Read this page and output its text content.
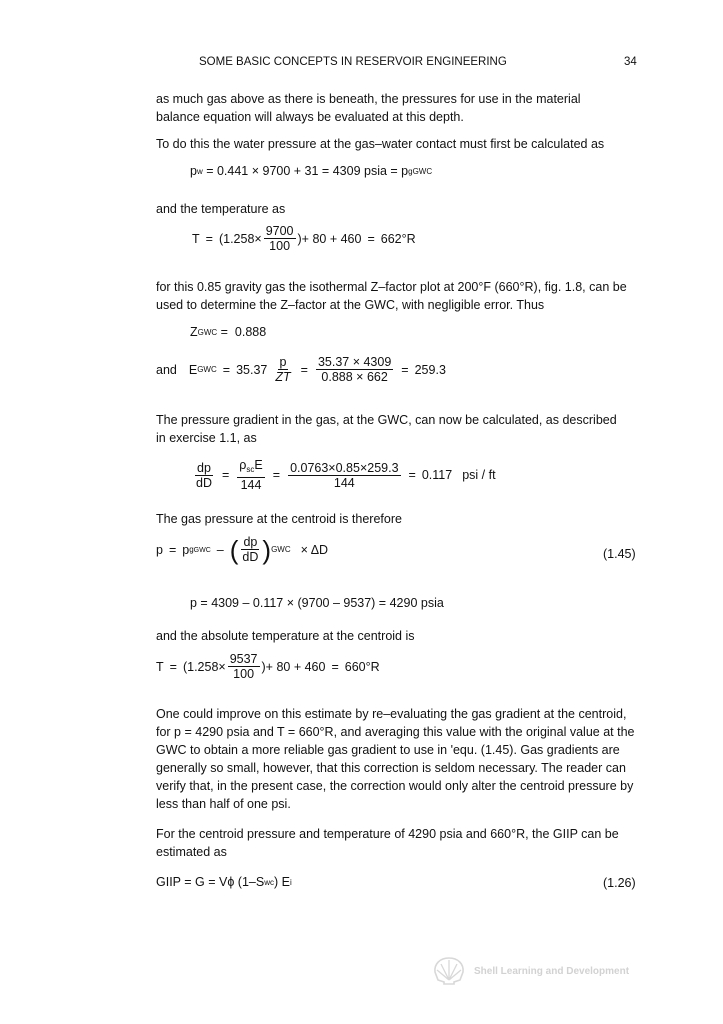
SOME BASIC CONCEPTS IN RESERVOIR ENGINEERING	34
as much gas above as there is beneath, the pressures for use in the material balance equation will always be evaluated at this depth.
To do this the water pressure at the gas–water contact must first be calculated as
p w = 0.441 × 9700 + 31 = 4309 psia = p gGWC
and the temperature as
$T = (1.258\times \frac{9700}{100}$ )+ 80 + 460 = 662°R
for this 0.85 gravity gas the isothermal Z–factor plot at 200°F (660°R), fig. 1.8, can be used to determine the Z–factor at the GWC, with negligible error. Thus
Z GWC =  0.888
and E GWC = $35.37 \frac{p}{ZT} = \frac{35.37 \times 4309}{0.888 \times 662} = 259.3$
The pressure gradient in the gas, at the GWC, can now be calculated, as described in exercise 1.1, as
$\frac{dp}{dD} = \frac{\rho_{sc}E}{144} = \frac{0.0763\times 0.85\times 259.3}{144} = 0.117$ psi / ft
The gas pressure at the centroid is therefore
p = p gGWC – ( $\frac{dp}{dD}$ ) GWC × ΔD	(1.45)
p = 4309 – 0.117 × (9700 – 9537) = 4290 psia
and the absolute temperature at the centroid is
$T = (1.258\times \frac{9537}{100}$ )+ 80 + 460 = 660°R
One could improve on this estimate by re–evaluating the gas gradient at the centroid, for p = 4290 psia and T = 660°R, and averaging this value with the original value at the GWC to obtain a more reliable gas gradient to use in 'equ. (1.45). Gas gradients are generally so small, however, that this correction is seldom necessary. The reader can verify that, in the present case, the correction would only alter the centroid pressure by less than half of one psi.
For the centroid pressure and temperature of 4290 psia and 660°R, the GIIP can be estimated as
GIIP = G = Vϕ (1–S wc ) E i	(1.26)
Shell Learning and Development
